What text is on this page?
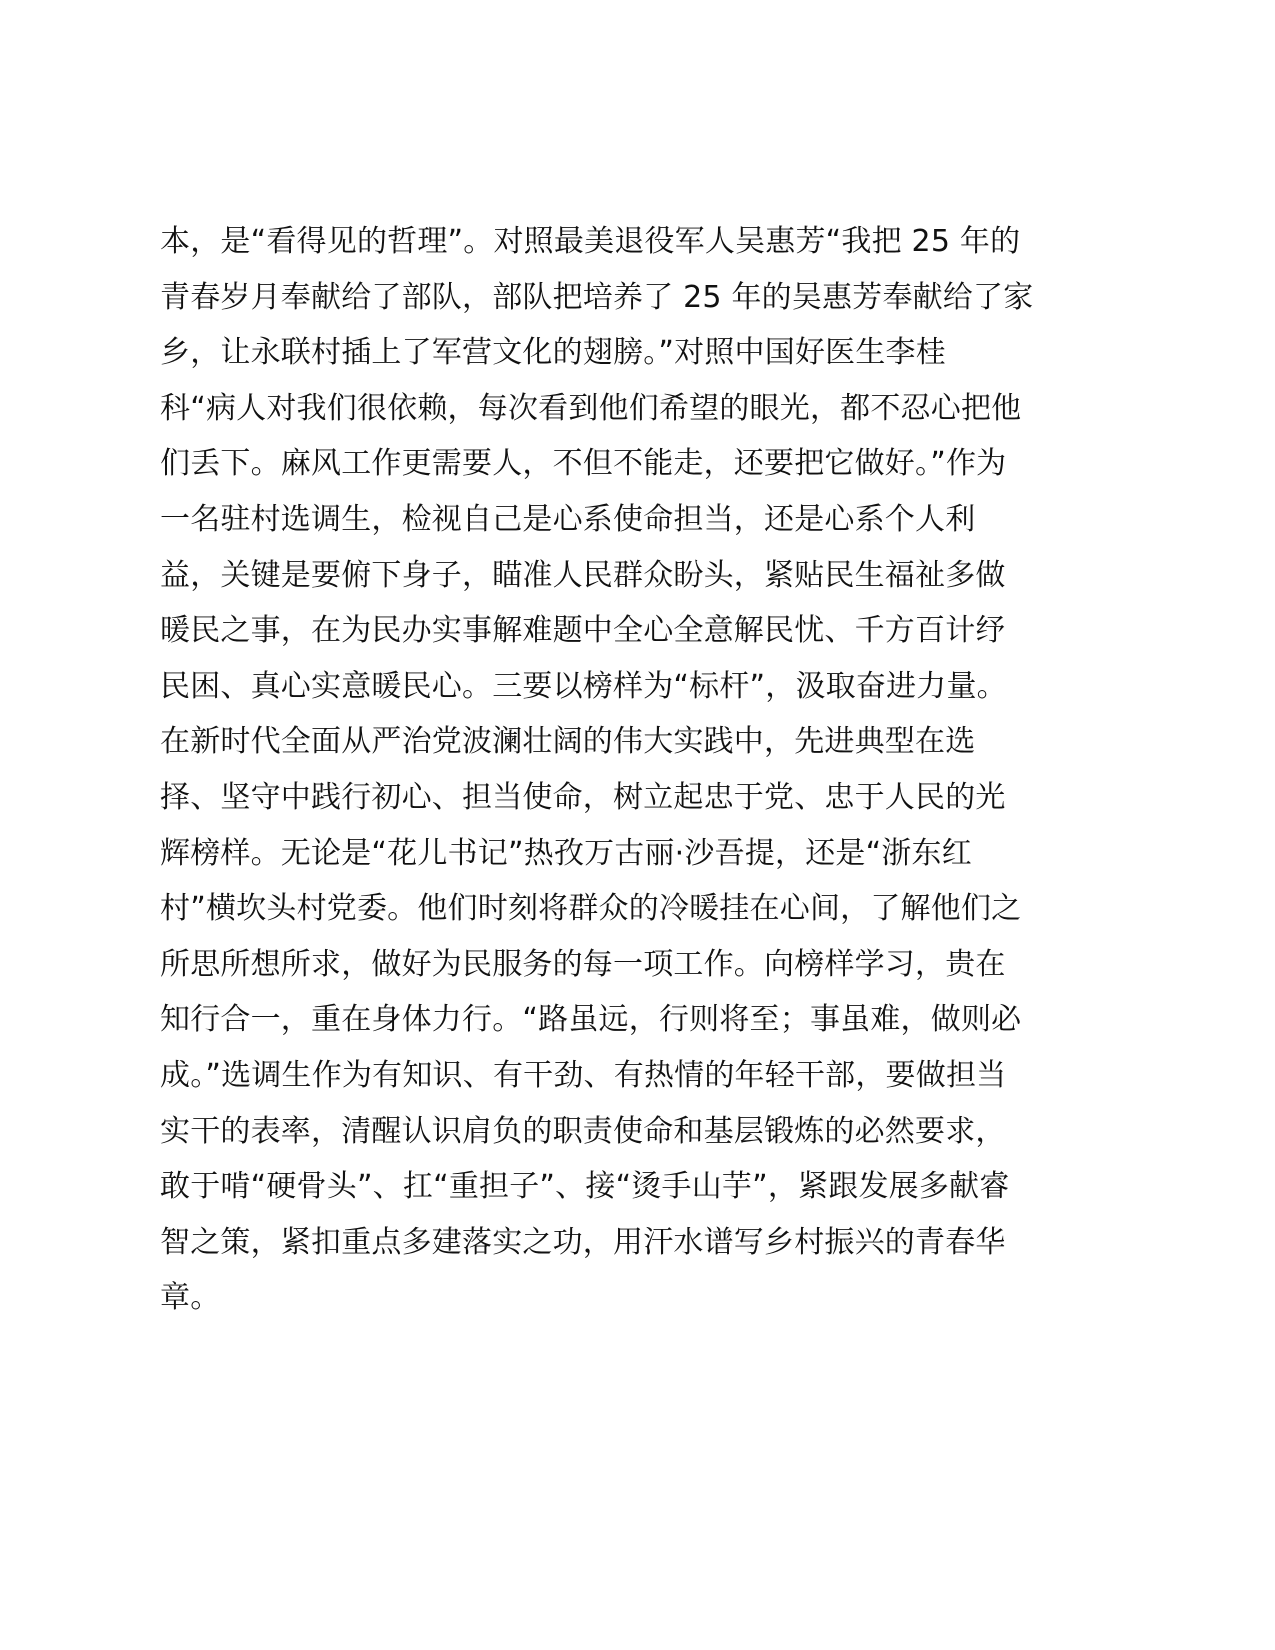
本，是“看得见的哲理”。对照最美退役军人吴惠芳“我把 25 年的
青春岁月奉献给了部队，部队把培养了 25 年的吴惠芳奉献给了家
乡，让永联村插上了军营文化的翅膀。”对照中国好医生李桂
科“病人对我们很依赖，每次看到他们希望的眼光，都不忍心把他
们丢下。麻风工作更需要人，不但不能走，还要把它做好。”作为
一名驻村选调生，检视自己是心系使命担当，还是心系个人利
益，关键是要俯下身子，瞄准人民群众盼头，紧贴民生福祉多做
暖民之事，在为民办实事解难题中全心全意解民忧、千方百计纾
民困、真心实意暖民心。三要以榜样为“标杆”，汲取奋进力量。
在新时代全面从严治党波澜壮阔的伟大实践中，先进典型在选
择、坚守中践行初心、担当使命，树立起忠于党、忠于人民的光
辉榜样。无论是“花儿书记”热孜万古丽·沙吾提，还是“浙东红
村”横坎头村党委。他们时刻将群众的冷暖挂在心间，了解他们之
所思所想所求，做好为民服务的每一项工作。向榜样学习，贵在
知行合一，重在身体力行。“路虽远，行则将至；事虽难，做则必
成。”选调生作为有知识、有干劲、有热情的年轻干部，要做担当
实干的表率，清醒认识肩负的职责使命和基层锻炼的必然要求，
敢于啃“硬骨头”、扛“重担子”、接“烫手山芋”，紧跟发展多献睿
智之策，紧扣重点多建落实之功，用汗水谱写乡村振兴的青春华
章。
